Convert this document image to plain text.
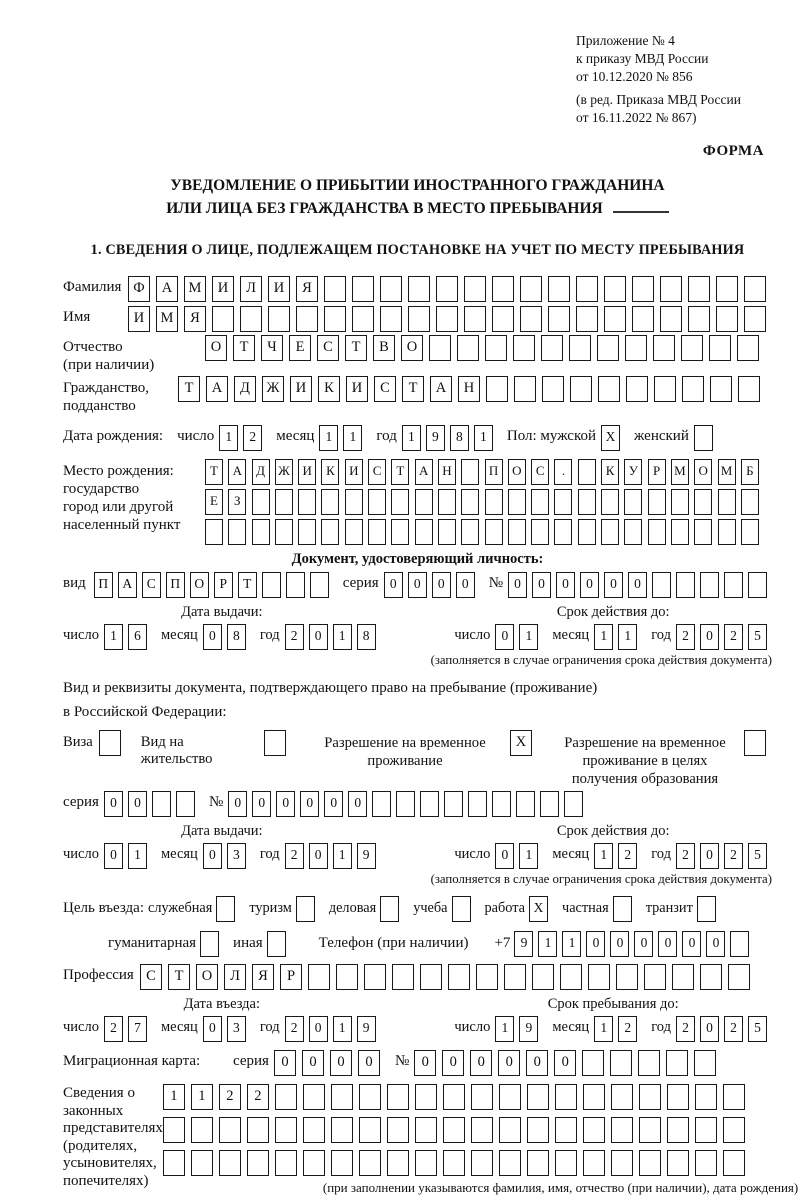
Приложение № 4
к приказу МВД России
от 10.12.2020 № 856
(в ред. Приказа МВД России
от 16.11.2022 № 867)
ФОРМА
УВЕДОМЛЕНИЕ О ПРИБЫТИИ ИНОСТРАННОГО ГРАЖДАНИНА
ИЛИ ЛИЦА БЕЗ ГРАЖДАНСТВА В МЕСТО ПРЕБЫВАНИЯ
1. СВЕДЕНИЯ О ЛИЦЕ, ПОДЛЕЖАЩЕМ ПОСТАНОВКЕ НА УЧЕТ ПО МЕСТУ ПРЕБЫВАНИЯ
Фамилия Ф А М И Л И Я
Имя	И М Я
Отчество
(при наличии)
О Т Ч Е С Т В О
Гражданство,
подданство
Т А Д Ж И К И С Т А Н
Дата рождения: число 1 2	месяц 1 1	год 1 9 8 1	Пол: мужской X	женский
Место рождения:
государство
город или другой
населенный пункт
Т А Д Ж И К И С Т А Н	П О С .	К У Р М О М Б
Е З
Документ, удостоверяющий личность:
вид П А С П О Р Т	серия 0 0 0 0	№ 0 0 0 0 0 0
Дата выдачи:
число 1 6	месяц 0 8	год 2 0 1 8
Срок действия до:
число 0 1	месяц 1 1	год 2 0 2 5
(заполняется в случае ограничения срока действия документа)
Вид и реквизиты документа, подтверждающего право на пребывание (проживание)
в Российской Федерации:
Виза	Вид на жительство
Разрешение на временное проживание
X	Разрешение на временное проживание в целях получения образования
серия 0 0	№ 0 0 0 0 0 0
Дата выдачи:
число 0 1	месяц 0 3	год 2 0 1 9
Срок действия до:
число 0 1	месяц 1 2	год 2 0 2 5
(заполняется в случае ограничения срока действия документа)
Цель въезда: служебная	туризм	деловая	учеба	работа X	частная	транзит
гуманитарная иная	Телефон (при наличии) +7 9 1 1 0 0 0 0 0 0
Профессия С Т О Л Я Р
Дата въезда:
число 2 7	месяц 0 3	год 2 0 1 9
Срок пребывания до:
число 1 9	месяц 1 2	год 2 0 2 5
Миграционная карта:	серия 0 0 0 0	№ 0 0 0 0 0 0
Сведения о
законных
представителях
(родителях,
усыновителях,
попечителях)
1 1 2 2
(при заполнении указываются фамилия, имя, отчество (при наличии), дата рождения)
